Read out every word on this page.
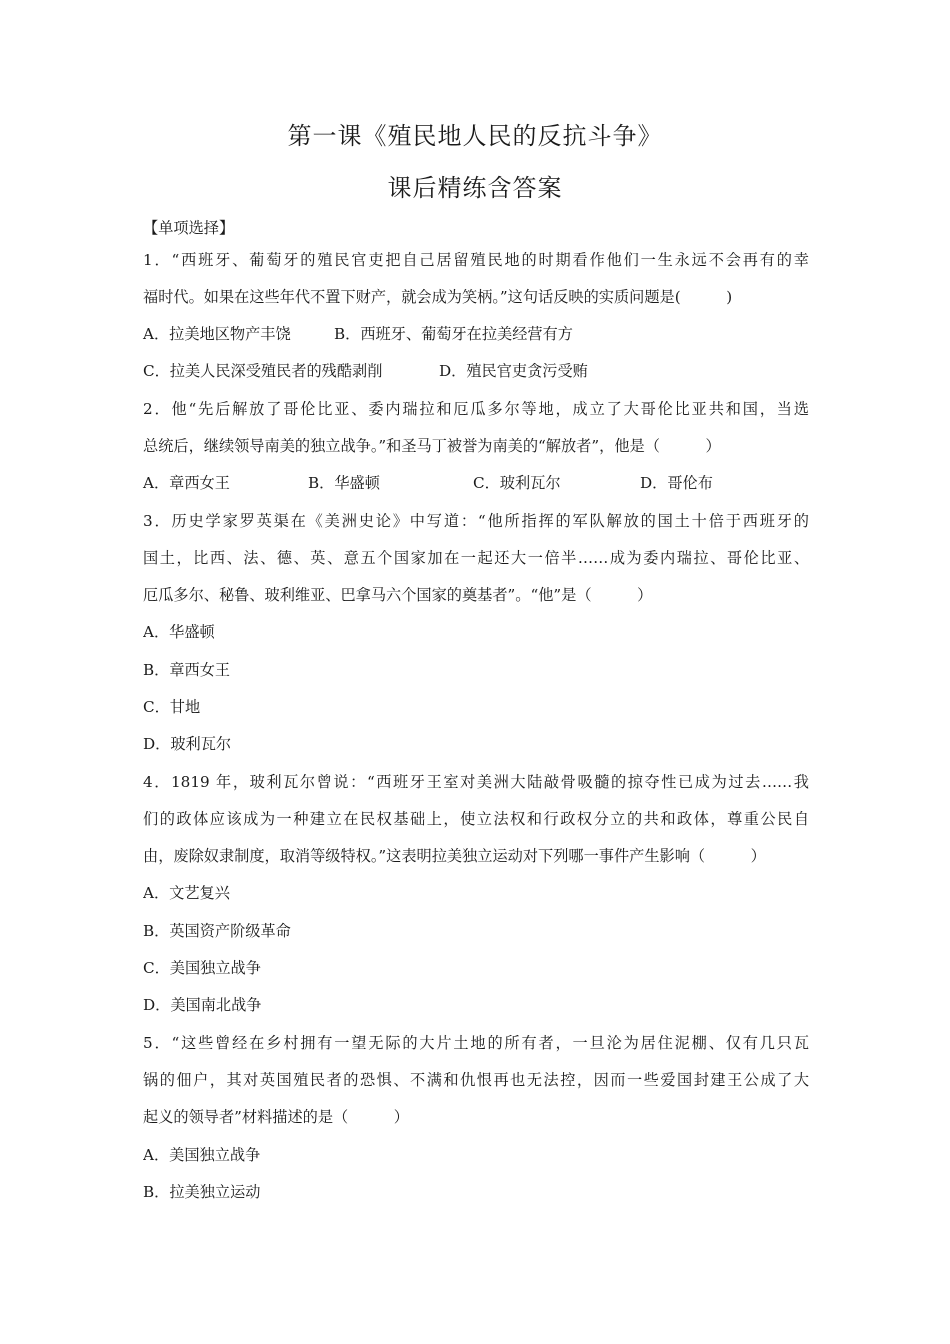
第一课《殖民地人民的反抗斗争》
课后精练含答案
【单项选择】
1．“西班牙、葡萄牙的殖民官吏把自己居留殖民地的时期看作他们一生永远不会再有的幸
福时代。如果在这些年代不置下财产，就会成为笑柄。”这句话反映的实质问题是(　　　)
A．拉美地区物产丰饶	B．西班牙、葡萄牙在拉美经营有方
C．拉美人民深受殖民者的残酷剥削	D．殖民官吏贪污受贿
2．他“先后解放了哥伦比亚、委内瑞拉和厄瓜多尔等地，成立了大哥伦比亚共和国，当选
总统后，继续领导南美的独立战争。”和圣马丁被誉为南美的“解放者”，他是（　　　）
A．章西女王	B．华盛顿	C．玻利瓦尔	D．哥伦布
3．历史学家罗英渠在《美洲史论》中写道：“他所指挥的军队解放的国土十倍于西班牙的
国土，比西、法、德、英、意五个国家加在一起还大一倍半……成为委内瑞拉、哥伦比亚、
厄瓜多尔、秘鲁、玻利维亚、巴拿马六个国家的奠基者”。“他”是（　　　）
A．华盛顿
B．章西女王
C．甘地
D．玻利瓦尔
4．1819 年，玻利瓦尔曾说：“西班牙王室对美洲大陆敲骨吸髓的掠夺性已成为过去……我
们的政体应该成为一种建立在民权基础上，使立法权和行政权分立的共和政体，尊重公民自
由，废除奴隶制度，取消等级特权。”这表明拉美独立运动对下列哪一事件产生影响（　　　）
A．文艺复兴
B．英国资产阶级革命
C．美国独立战争
D．美国南北战争
5．“这些曾经在乡村拥有一望无际的大片土地的所有者，一旦沦为居住泥棚、仅有几只瓦
锅的佃户，其对英国殖民者的恐惧、不满和仇恨再也无法控，因而一些爱国封建王公成了大
起义的领导者”材料描述的是（　　　）
A．美国独立战争
B．拉美独立运动
